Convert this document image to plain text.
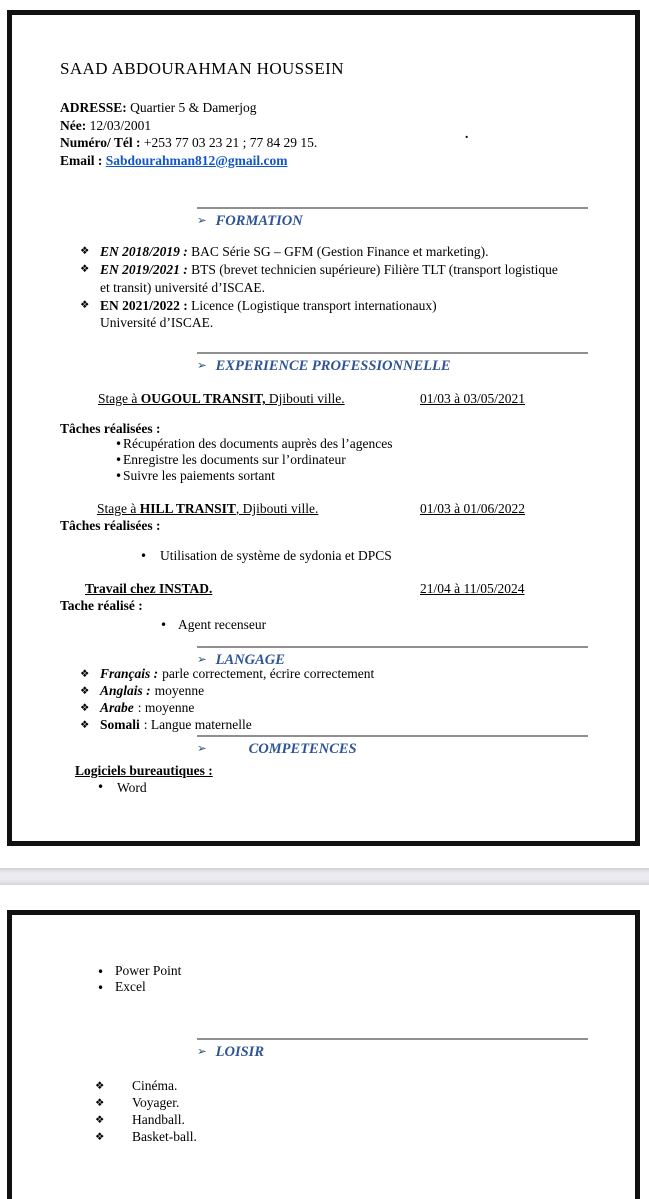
SAAD ABDOURAHMAN HOUSSEIN
ADRESSE: Quartier 5 & Damerjog
Née: 12/03/2001
Numéro/ Tél : +253 77 03 23 21 ; 77 84 29 15.
Email : Sabdourahman812@gmail.com
.
➢ FORMATION
❖ EN 2018/2019 : BAC Série SG – GFM (Gestion Finance et marketing).
❖ EN 2019/2021 : BTS (brevet technicien supérieure) Filière TLT (transport logistique et transit) université d’ISCAE.
❖ EN 2021/2022 : Licence (Logistique transport internationaux)
Université d’ISCAE.
➢ EXPERIENCE PROFESSIONNELLE
Stage à OUGOUL TRANSIT, Djibouti ville.	01/03 à 03/05/2021
Tâches réalisées :
• Récupération des documents auprès des l’agences
• Enregistre les documents sur l’ordinateur
• Suivre les paiements sortant
Stage à HILL TRANSIT, Djibouti ville.	01/03 à 01/06/2022
Tâches réalisées :
• Utilisation de système de sydonia et DPCS
Travail chez INSTAD.	21/04 à 11/05/2024
Tache réalisé :
• Agent recenseur
➢ LANGAGE
❖ Français : parle correctement, écrire correctement
❖ Anglais : moyenne
❖ Arabe : moyenne
❖ Somali : Langue maternelle
➢	COMPETENCES
Logiciels bureautiques :
• Word
• Power Point
• Excel
➢ LOISIR
❖	Cinéma.
❖	Voyager.
❖	Handball.
❖	Basket-ball.
